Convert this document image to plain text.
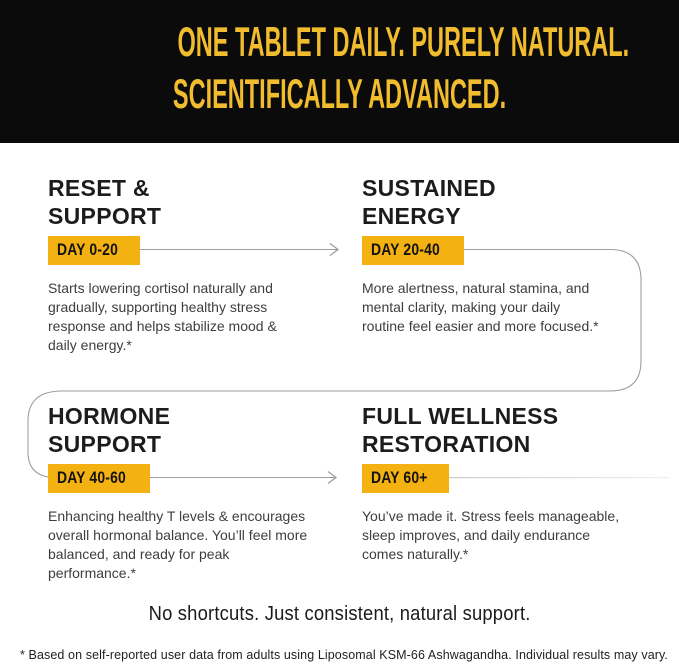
ONE TABLET DAILY. PURELY NATURAL.
SCIENTIFICALLY ADVANCED.
RESET &
SUPPORT
DAY 0-20

Starts lowering cortisol naturally and gradually, supporting healthy stress response and helps stabilize mood & daily energy.*

SUSTAINED
ENERGY
DAY 20-40

More alertness, natural stamina, and mental clarity, making your daily routine feel easier and more focused.*

HORMONE
SUPPORT
DAY 40-60

Enhancing healthy T levels & encourages overall hormonal balance. You’ll feel more balanced, and ready for peak performance.*

FULL WELLNESS
RESTORATION
DAY 60+

You’ve made it. Stress feels manageable, sleep improves, and daily endurance comes naturally.*

No shortcuts. Just consistent, natural support.
* Based on self-reported user data from adults using Liposomal KSM-66 Ashwagandha. Individual results may vary.
